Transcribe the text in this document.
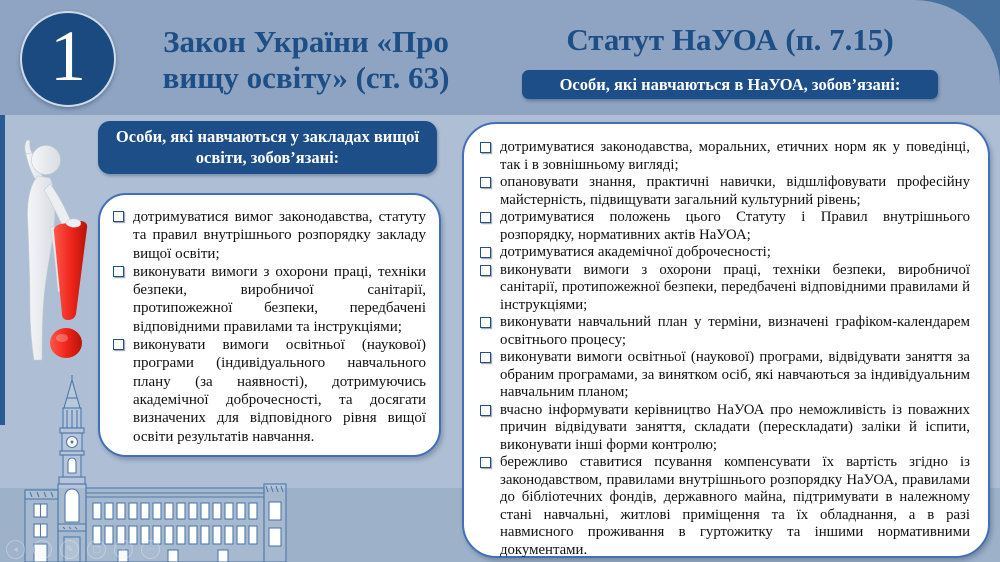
1	Закон України «Про
вищу освіту» (ст. 63)
Статут НаУОА (п. 7.15)
Особи, які навчаються у закладах вищої освіти, зобов’язані:
Особи, які навчаються в НаУОА, зобов’язані:
дотримуватися вимог законодавства, статуту та правил внутрішнього розпорядку закладу вищої освіти;
виконувати вимоги з охорони праці, техніки безпеки, виробничої санітарії, протипожежної безпеки, передбачені відповідними правилами та інструкціями;
виконувати вимоги освітньої (наукової) програми (індивідуального навчального плану (за наявності), дотримуючись академічної доброчесності, та досягати визначених для відповідного рівня вищої освіти результатів навчання.
дотримуватися законодавства, моральних, етичних норм як у поведінці, так і в зовнішньому вигляді;
опановувати знання, практичні навички, відшліфовувати професійну майстерність, підвищувати загальний культурний рівень;
дотримуватися положень цього Статуту і Правил внутрішнього розпорядку, нормативних актів НаУОА;
дотримуватися академічної доброчесності;
виконувати вимоги з охорони праці, техніки безпеки, виробничої санітарії, протипожежної безпеки, передбачені відповідними правилами й інструкціями;
виконувати навчальний план у терміни, визначені графіком-календарем освітнього процесу;
виконувати вимоги освітньої (наукової) програми, відвідувати заняття за обраним програмами, за винятком осіб, які навчаються за індивідуальним навчальним планом;
вчасно інформувати керівництво НаУОА про неможливість із поважних причин відвідувати заняття, складати (перескладати) заліки й іспити, виконувати інші форми контролю;
бережливо ставитися псування компенсувати їх вартість згідно із законодавством, правилами внутрішнього розпорядку НаУОА, правилами до бібліотечних фондів, державного майна, підтримувати в належному стані навчальні, житлові приміщення та їх обладнання, а в разі навмисного проживання в гуртожитку та іншими нормативними документами.
◂	▸	✎	▢	⌕	⋯
